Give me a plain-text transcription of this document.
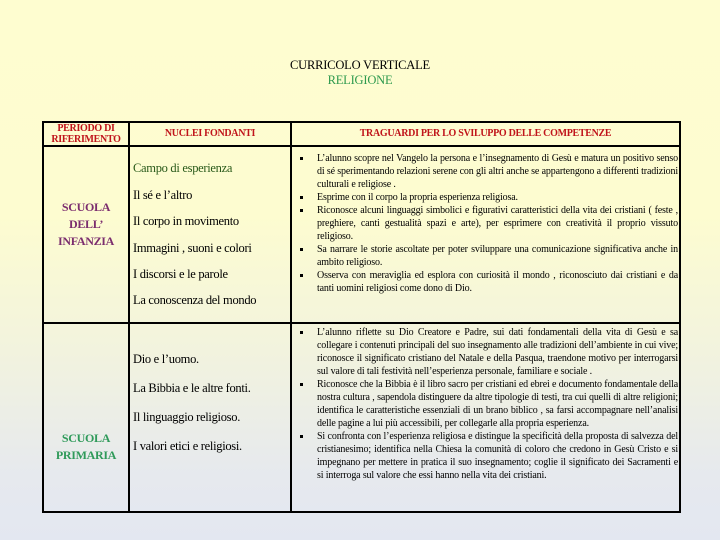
CURRICOLO VERTICALE
RELIGIONE
PERIODO DI
RIFERIMENTO
NUCLEI FONDANTI	TRAGUARDI PER LO SVILUPPO DELLE COMPETENZE
SCUOLA
DELL’
INFANZIA
Campo di esperienza
Il sé e l’altro
Il corpo in movimento
Immagini , suoni e colori
I discorsi e le parole
La conoscenza del mondo
L’alunno scopre nel Vangelo la persona e l’insegnamento di Gesù e matura un positivo senso di sé sperimentando relazioni serene con gli altri anche se appartengono a differenti tradizioni culturali e religiose .
Esprime con il corpo la propria esperienza religiosa.
Riconosce alcuni linguaggi simbolici e figurativi caratteristici della vita dei cristiani ( feste , preghiere, canti gestualità spazi e arte), per esprimere con creatività il proprio vissuto religioso.
Sa narrare le storie ascoltate per poter sviluppare una comunicazione significativa anche in ambito religioso.
Osserva con meraviglia ed esplora con curiosità il mondo , riconosciuto dai cristiani e da tanti uomini religiosi come dono di Dio.
SCUOLA
PRIMARIA
Dio e l’uomo.
La Bibbia e le altre fonti.
Il linguaggio religioso.
I valori etici e religiosi.
L’alunno riflette su Dio Creatore e Padre, sui dati fondamentali della vita di Gesù e sa collegare i contenuti principali del suo insegnamento alle tradizioni dell’ambiente in cui vive; riconosce il significato cristiano del Natale e della Pasqua, traendone motivo per interrogarsi sul valore di tali festività nell’esperienza personale, familiare e sociale .
Riconosce che la Bibbia è il libro sacro per cristiani ed ebrei e documento fondamentale della nostra cultura , sapendola distinguere da altre tipologie di testi, tra cui quelli di altre religioni; identifica le caratteristiche essenziali di un brano biblico , sa farsi accompagnare nell’analisi delle pagine a lui più accessibili, per collegarle alla propria esperienza.
Si confronta con l’esperienza religiosa e distingue la specificità della proposta di salvezza del cristianesimo; identifica nella Chiesa la comunità di coloro che credono in Gesù Cristo e si impegnano per mettere in pratica il suo insegnamento; coglie il significato dei Sacramenti e si interroga sul valore che essi hanno nella vita dei cristiani.
